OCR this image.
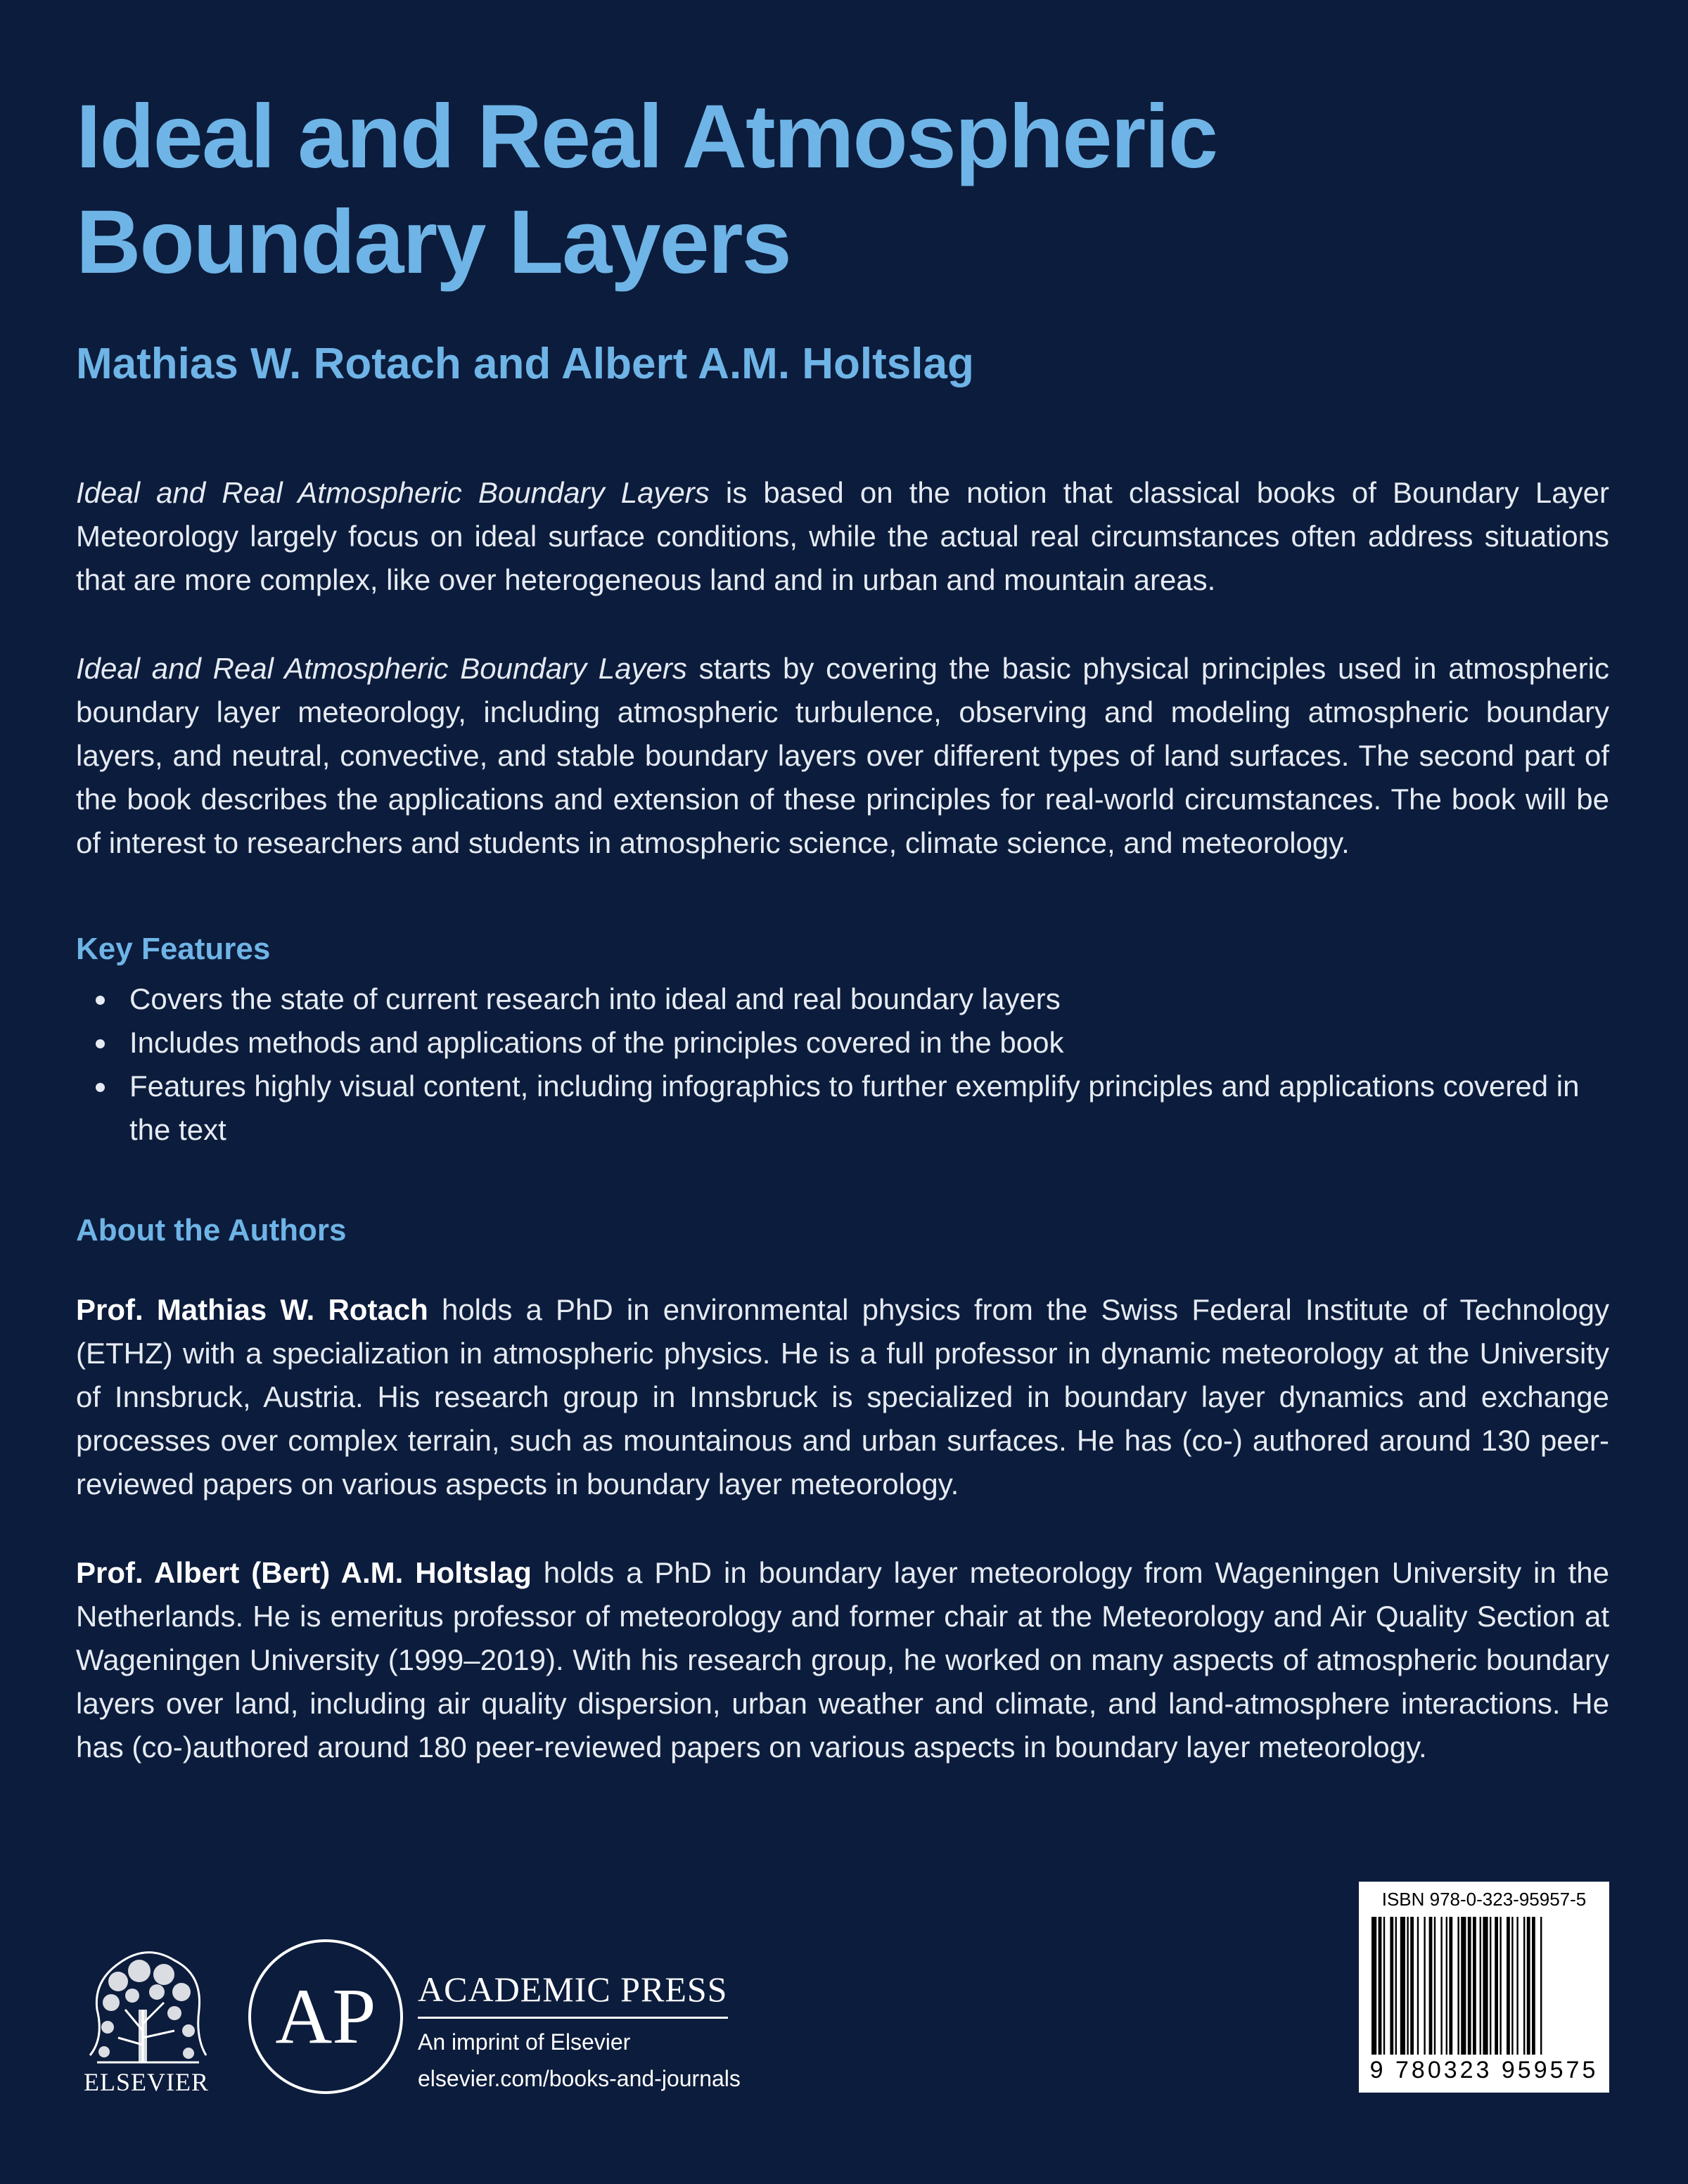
Ideal and Real Atmospheric
Boundary Layers
Mathias W. Rotach and Albert A.M. Holtslag

Ideal and Real Atmospheric Boundary Layers is based on the notion that classical books of Boundary Layer Meteorology largely focus on ideal surface conditions, while the actual real circumstances often address situations that are more complex, like over heterogeneous land and in urban and mountain areas.

Ideal and Real Atmospheric Boundary Layers starts by covering the basic physical principles used in atmospheric boundary layer meteorology, including atmospheric turbulence, observing and modeling atmospheric boundary layers, and neutral, convective, and stable boundary layers over different types of land surfaces. The second part of the book describes the applications and extension of these principles for real-world circumstances. The book will be of interest to researchers and students in atmospheric science, climate science, and meteorology.

Key Features
Covers the state of current research into ideal and real boundary layers
Includes methods and applications of the principles covered in the book
Features highly visual content, including infographics to further exemplify principles and applications covered in the text
About the Authors

Prof. Mathias W. Rotach holds a PhD in environmental physics from the Swiss Federal Institute of Technology (ETHZ) with a specialization in atmospheric physics. He is a full professor in dynamic meteorology at the University of Innsbruck, Austria. His research group in Innsbruck is specialized in boundary layer dynamics and exchange processes over complex terrain, such as mountainous and urban surfaces. He has (co-) authored around 130 peer-reviewed papers on various aspects in boundary layer meteorology.

Prof. Albert (Bert) A.M. Holtslag holds a PhD in boundary layer meteorology from Wageningen University in the Netherlands. He is emeritus professor of meteorology and former chair at the Meteorology and Air Quality Section at Wageningen University (1999–2019). With his research group, he worked on many aspects of atmospheric boundary layers over land, including air quality dispersion, urban weather and climate, and land-atmosphere interactions. He has (co-)authored around 180 peer-reviewed papers on various aspects in boundary layer meteorology.

ELSEVIER
AP ACADEMIC PRESS
An imprint of Elsevier
elsevier.com/books-and-journals
ISBN 978-0-323-95957-5
9 780323 959575
